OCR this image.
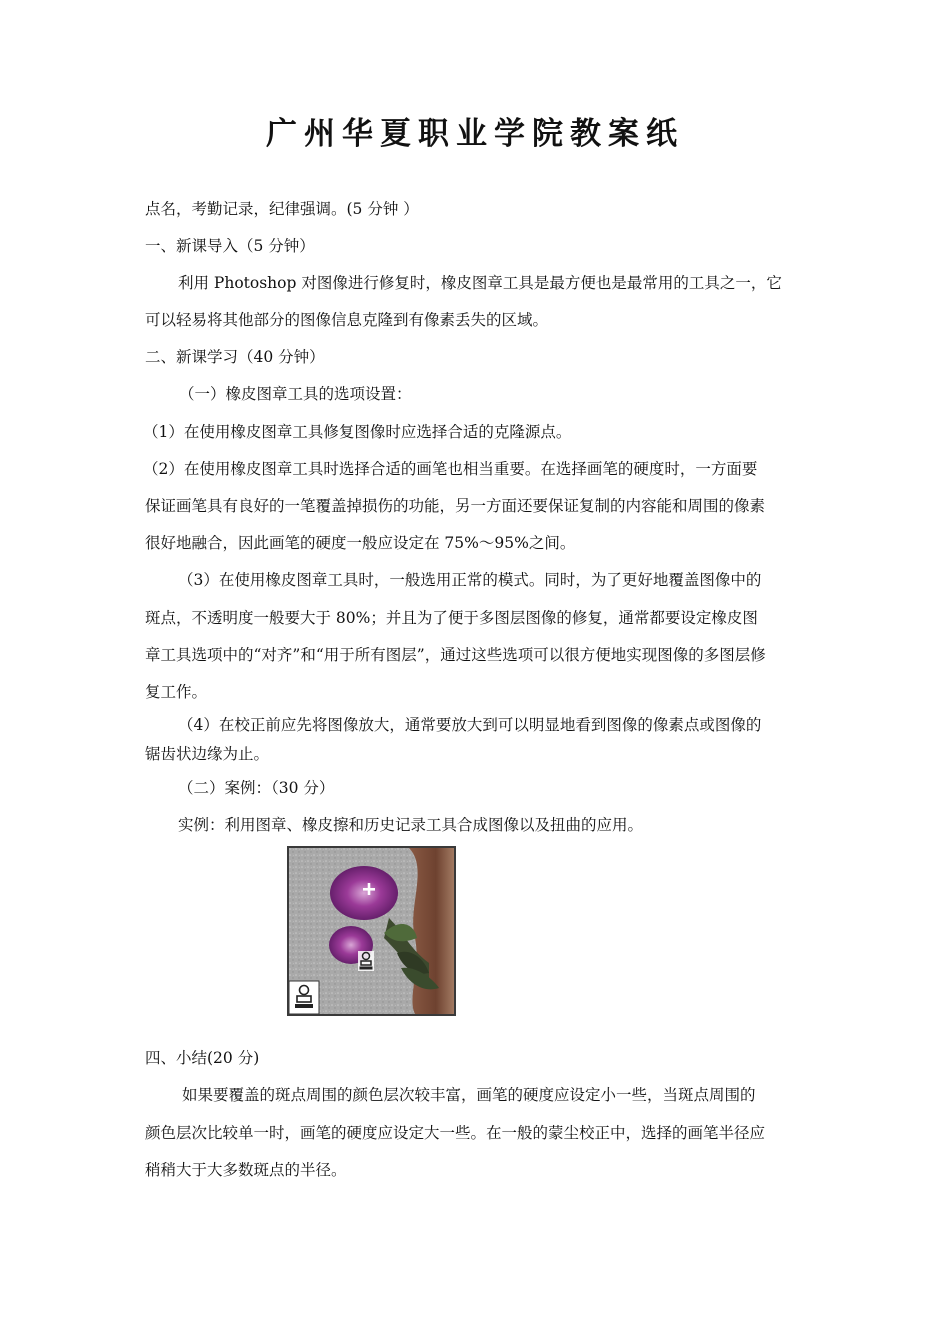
广州华夏职业学院教案纸
点名，考勤记录，纪律强调。(5 分钟 ）
一、新课导入（5 分钟）
利用 Photoshop 对图像进行修复时，橡皮图章工具是最方便也是最常用的工具之一，它
可以轻易将其他部分的图像信息克隆到有像素丢失的区域。
二、新课学习（40 分钟）
（一）橡皮图章工具的选项设置：
（1）在使用橡皮图章工具修复图像时应选择合适的克隆源点。
（2）在使用橡皮图章工具时选择合适的画笔也相当重要。在选择画笔的硬度时，一方面要
保证画笔具有良好的一笔覆盖掉损伤的功能，另一方面还要保证复制的内容能和周围的像素
很好地融合，因此画笔的硬度一般应设定在 75%～95%之间。
（3）在使用橡皮图章工具时，一般选用正常的模式。同时，为了更好地覆盖图像中的
斑点，不透明度一般要大于 80%；并且为了便于多图层图像的修复，通常都要设定橡皮图
章工具选项中的“对齐”和“用于所有图层”，通过这些选项可以很方便地实现图像的多图层修
复工作。
（4）在校正前应先将图像放大，通常要放大到可以明显地看到图像的像素点或图像的
锯齿状边缘为止。
（二）案例：（30 分）
实例：利用图章、橡皮擦和历史记录工具合成图像以及扭曲的应用。
四、小结(20 分)
如果要覆盖的斑点周围的颜色层次较丰富，画笔的硬度应设定小一些，当斑点周围的
颜色层次比较单一时，画笔的硬度应设定大一些。在一般的蒙尘校正中，选择的画笔半径应
稍稍大于大多数斑点的半径。
